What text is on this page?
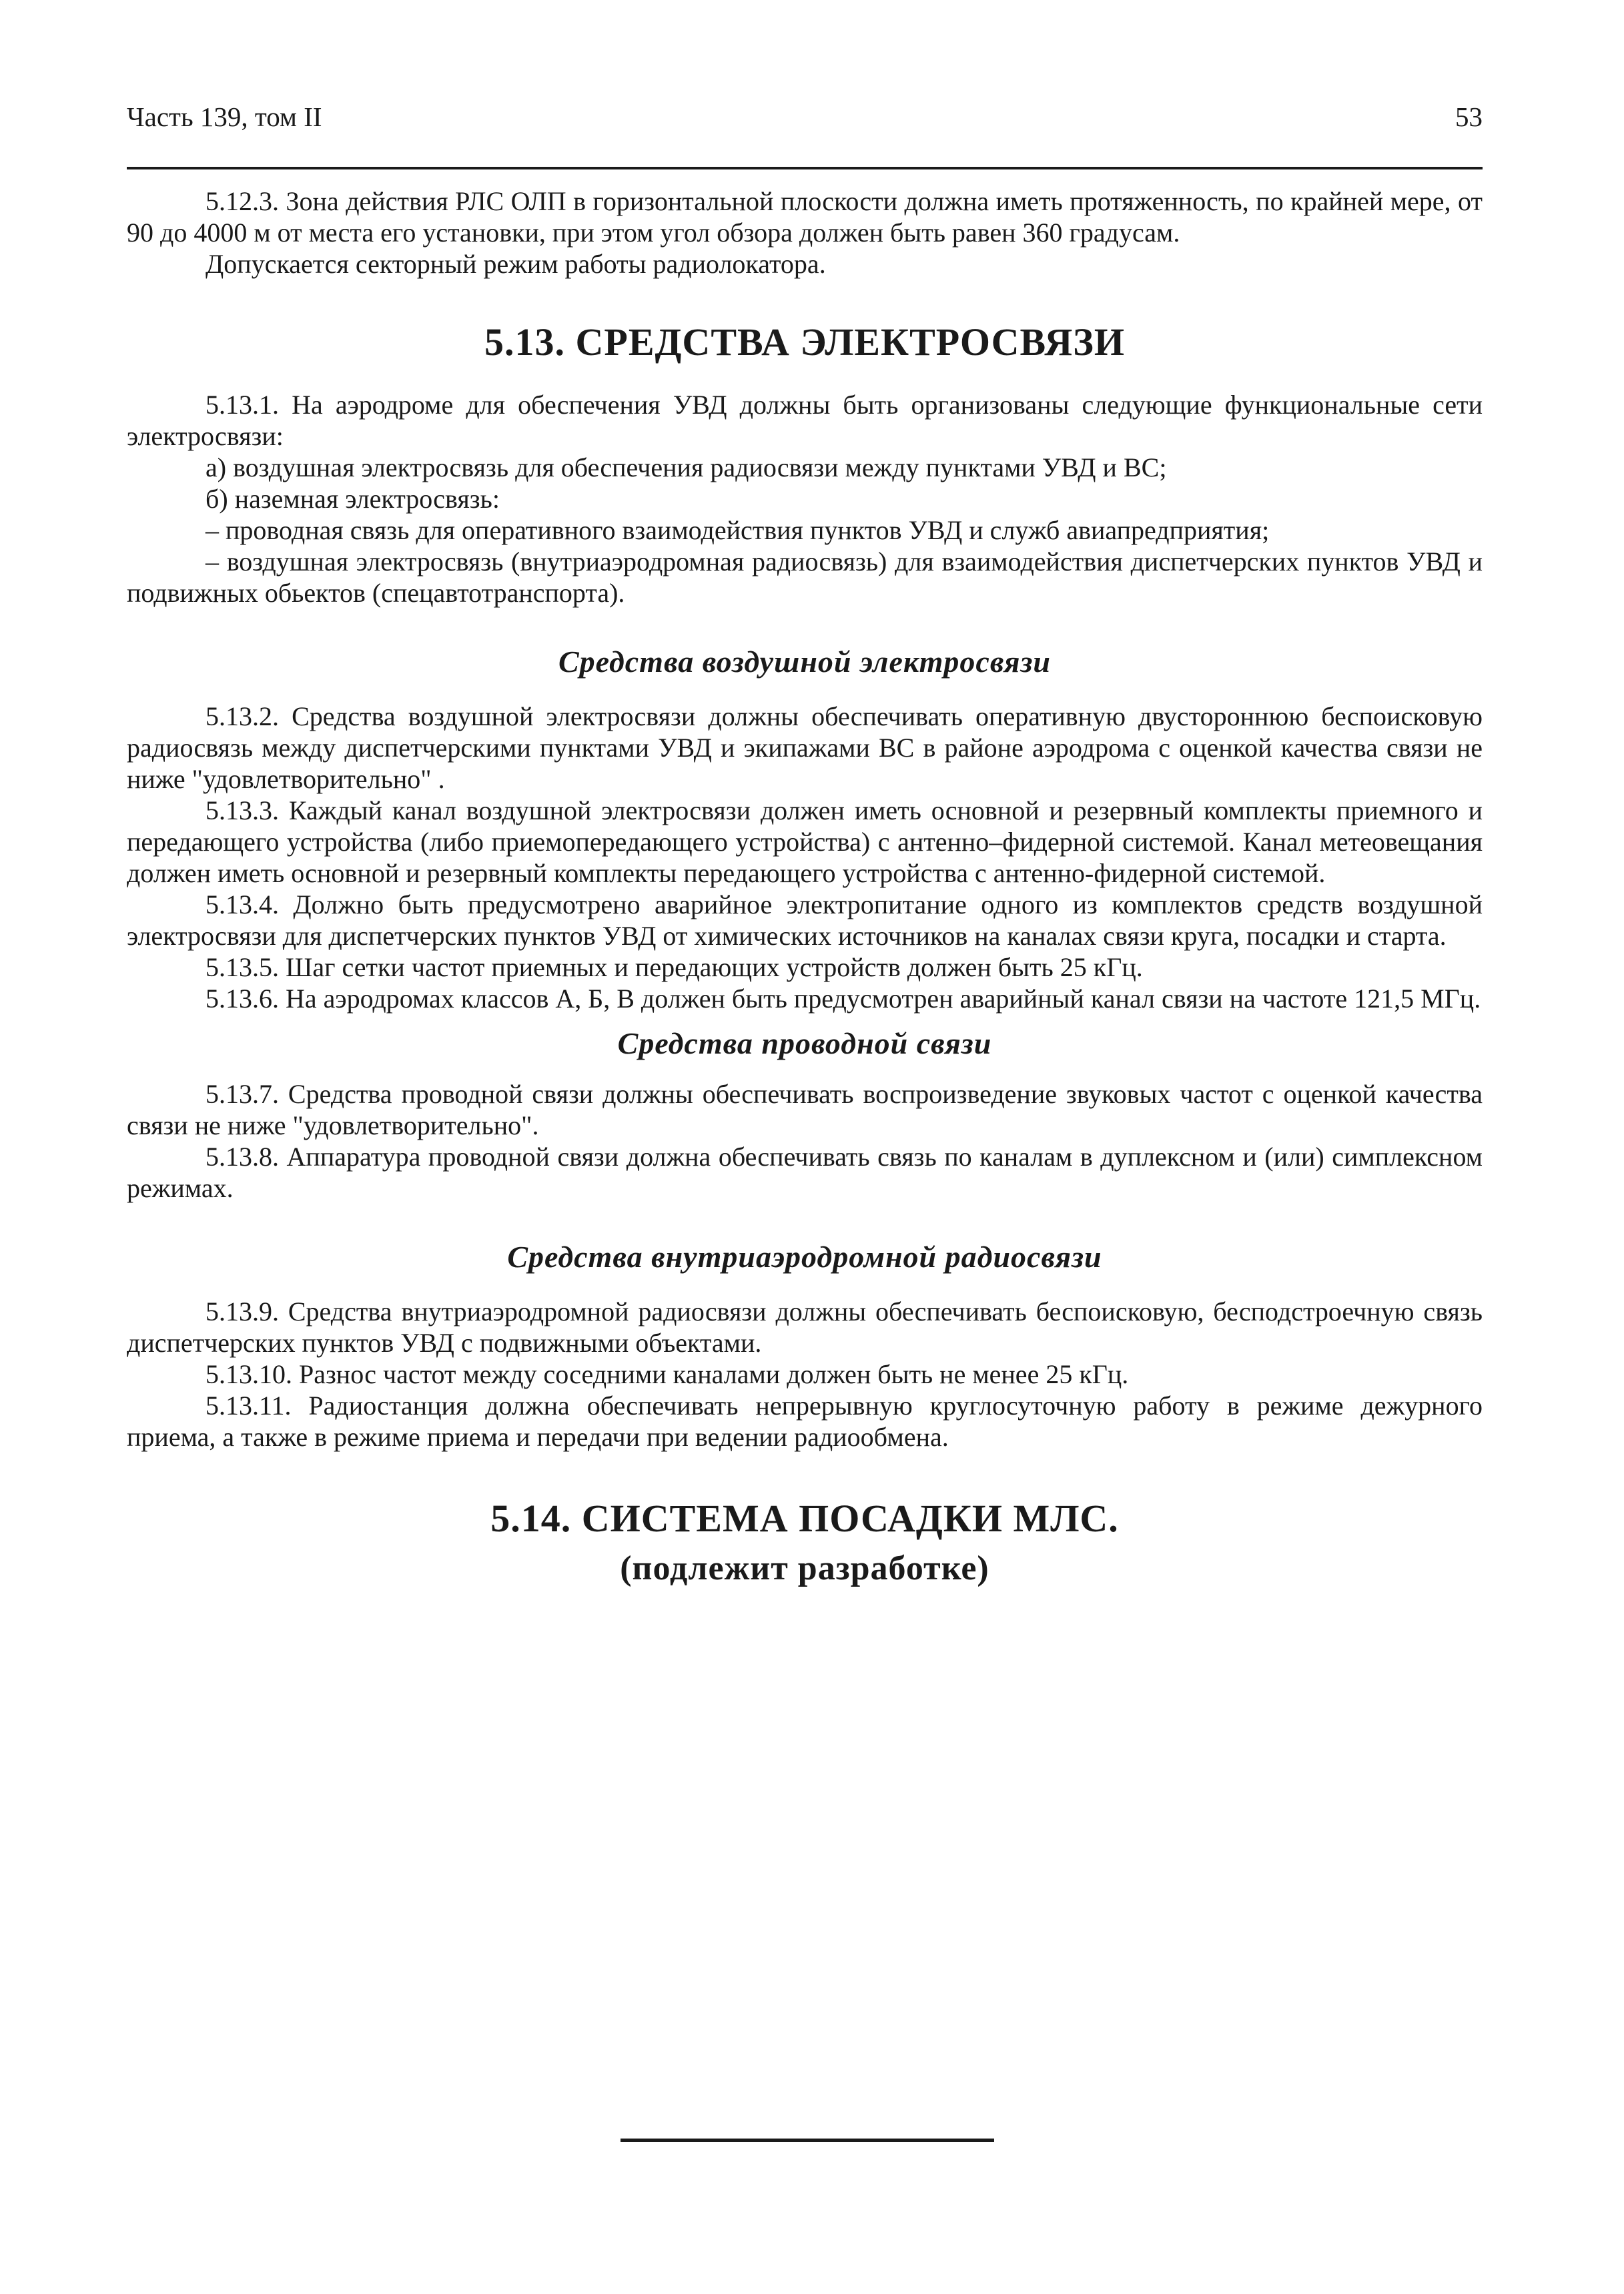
Часть 139, том II	53

5.12.3. Зона действия РЛС ОЛП в горизонтальной плоскости должна иметь протяженность, по крайней мере, от 90 до 4000 м от места его установки, при этом угол обзора должен быть равен 360 градусам.

Допускается секторный режим работы радиолокатора.

5.13. СРЕДСТВА ЭЛЕКТРОСВЯЗИ

5.13.1. На аэродроме для обеспечения УВД должны быть организованы следующие функциональные сети электросвязи:

а) воздушная электросвязь для обеспечения радиосвязи между пунктами УВД и ВС;

б) наземная электросвязь:

– проводная связь для оперативного взаимодействия пунктов УВД и служб авиапредприятия;

– воздушная электросвязь (внутриаэродромная радиосвязь) для взаимодействия диспетчерских пунктов УВД и подвижных обьектов (спецавтотранспорта).

Средства воздушной электросвязи

5.13.2. Средства воздушной электросвязи должны обеспечивать оперативную двустороннюю беспоисковую радиосвязь между диспетчерскими пунктами УВД и экипажами ВС в районе аэродрома с оценкой качества связи не ниже "удовлетворительно" .

5.13.3. Каждый канал воздушной электросвязи должен иметь основной и резервный комплекты приемного и передающего устройства (либо приемопередающего устройства) с антенно–фидерной системой. Канал метеовещания должен иметь основной и резервный комплекты передающего устройства с антенно-фидерной системой.

5.13.4. Должно быть предусмотрено аварийное электропитание одного из комплектов средств воздушной электросвязи для диспетчерских пунктов УВД от химических источников на каналах связи круга, посадки и старта.

5.13.5. Шаг сетки частот приемных и передающих устройств должен быть 25 кГц.

5.13.6. На аэродромах классов А, Б, В должен быть предусмотрен аварийный канал связи на частоте 121,5 МГц.

Средства проводной связи

5.13.7. Средства проводной связи должны обеспечивать воспроизведение звуковых частот с оценкой качества связи не ниже "удовлетворительно".

5.13.8. Аппаратура проводной связи должна обеспечивать связь по каналам в дуплексном и (или) симплексном режимах.

Средства внутриаэродромной радиосвязи

5.13.9. Средства внутриаэродромной радиосвязи должны обеспечивать беспоисковую, бесподстроечную связь диспетчерских пунктов УВД с подвижными объектами.

5.13.10. Разнос частот между соседними каналами должен быть не менее 25 кГц.

5.13.11. Радиостанция должна обеспечивать непрерывную круглосуточную работу в режиме дежурного приема, а также в режиме приема и передачи при ведении радиообмена.

5.14. СИСТЕМА ПОСАДКИ МЛС.

(подлежит разработке)
